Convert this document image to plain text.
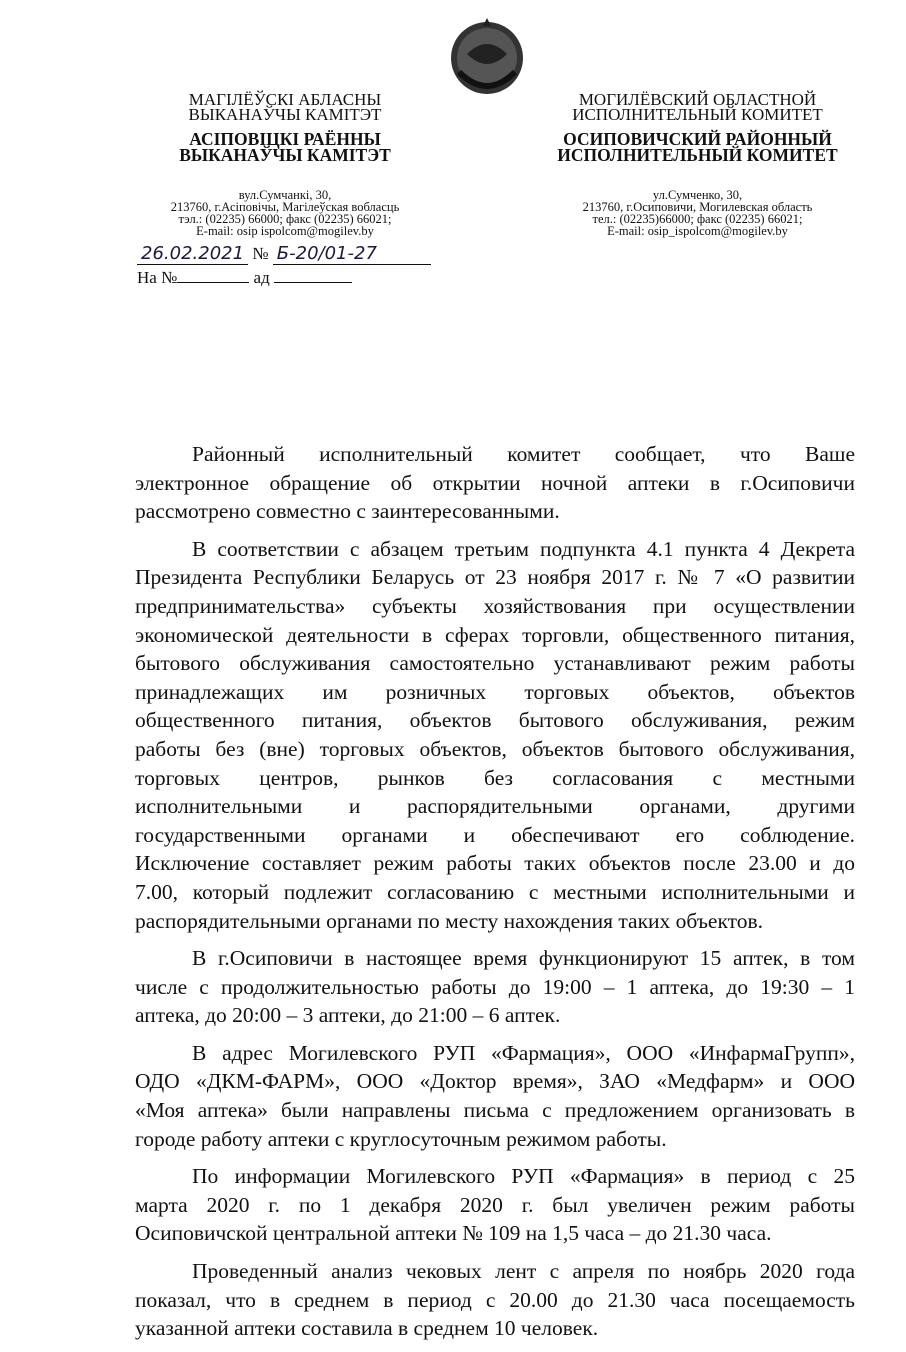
МАГІЛЁЎСКІ АБЛАСНЫ
ВЫКАНАЎЧЫ КАМІТЭТ
АСІПОВІЦКІ РАЁННЫ
ВЫКАНАЎЧЫ КАМІТЭТ
вул.Сумчанкі, 30,
213760, г.Асіповічы, Магілеўская вобласць
тэл.: (02235) 66000; факс (02235) 66021;
E-mail: osip ispolcom@mogilev.by
МОГИЛЁВСКИЙ ОБЛАСТНОЙ
ИСПОЛНИТЕЛЬНЫЙ КОМИТЕТ
ОСИПОВИЧСКИЙ РАЙОННЫЙ
ИСПОЛНИТЕЛЬНЫЙ КОМИТЕТ
ул.Сумченко, 30,
213760, г.Осиповичи, Могилевская область
тел.: (02235)66000; факс (02235) 66021;
E-mail: osip_ispolcom@mogilev.by
26.02.2021 № Б-20/01-27
На №	ад
Районный исполнительный комитет сообщает, что Ваше
электронное обращение об открытии ночной аптеки в г.Осиповичи
рассмотрено совместно с заинтересованными.
В соответствии с абзацем третьим подпункта 4.1 пункта 4 Декрета
Президента Республики Беларусь от 23 ноября 2017 г. № 7 «О развитии
предпринимательства» субъекты хозяйствования при осуществлении
экономической деятельности в сферах торговли, общественного питания,
бытового обслуживания самостоятельно устанавливают режим работы
принадлежащих им розничных торговых объектов, объектов
общественного питания, объектов бытового обслуживания, режим
работы без (вне) торговых объектов, объектов бытового обслуживания,
торговых центров, рынков без согласования с местными
исполнительными и распорядительными органами, другими
государственными органами и обеспечивают его соблюдение.
Исключение составляет режим работы таких объектов после 23.00 и до
7.00, который подлежит согласованию с местными исполнительными и
распорядительными органами по месту нахождения таких объектов.
В г.Осиповичи в настоящее время функционируют 15 аптек, в том
числе с продолжительностью работы до 19:00 – 1 аптека, до 19:30 – 1
аптека, до 20:00 – 3 аптеки, до 21:00 – 6 аптек.
В адрес Могилевского РУП «Фармация», ООО «ИнфармаГрупп»,
ОДО «ДКМ-ФАРМ», ООО «Доктор время», ЗАО «Медфарм» и ООО
«Моя аптека» были направлены письма с предложением организовать в
городе работу аптеки с круглосуточным режимом работы.
По информации Могилевского РУП «Фармация» в период с 25
марта 2020 г. по 1 декабря 2020 г. был увеличен режим работы
Осиповичской центральной аптеки № 109 на 1,5 часа – до 21.30 часа.
Проведенный анализ чековых лент с апреля по ноябрь 2020 года
показал, что в среднем в период с 20.00 до 21.30 часа посещаемость
указанной аптеки составила в среднем 10 человек.
